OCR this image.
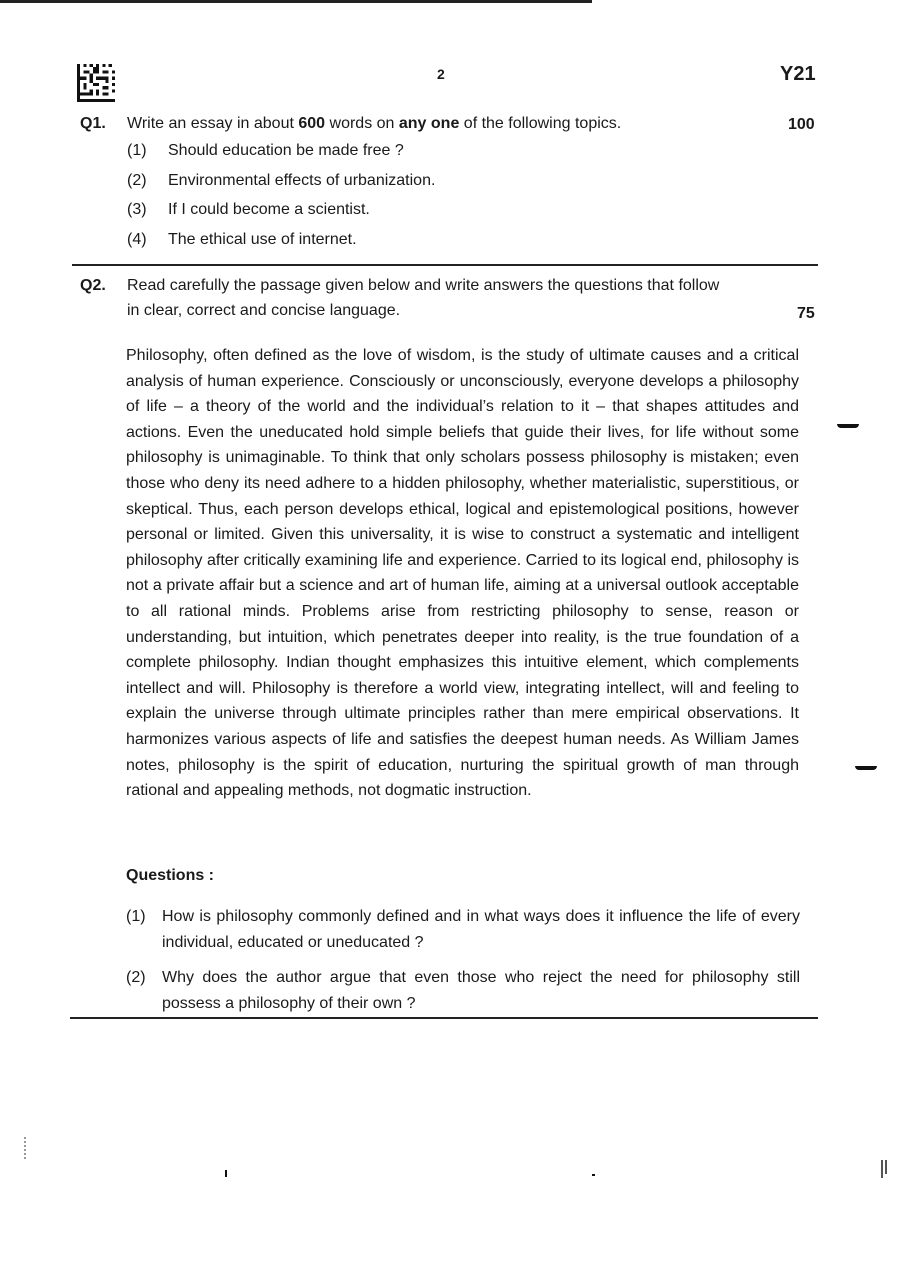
2	Y21
Q1. Write an essay in about 600 words on any one of the following topics.	100
(1) Should education be made free ?
(2) Environmental effects of urbanization.
(3) If I could become a scientist.
(4) The ethical use of internet.
Q2. Read carefully the passage given below and write answers the questions that follow
in clear, correct and concise language.	75
Philosophy, often defined as the love of wisdom, is the study of ultimate causes and a critical analysis of human experience. Consciously or unconsciously, everyone develops a philosophy of life – a theory of the world and the individual’s relation to it – that shapes attitudes and actions. Even the uneducated hold simple beliefs that guide their lives, for life without some philosophy is unimaginable. To think that only scholars possess philosophy is mistaken; even those who deny its need adhere to a hidden philosophy, whether materialistic, superstitious, or skeptical. Thus, each person develops ethical, logical and epistemological positions, however personal or limited. Given this universality, it is wise to construct a systematic and intelligent philosophy after critically examining life and experience. Carried to its logical end, philosophy is not a private affair but a science and art of human life, aiming at a universal outlook acceptable to all rational minds. Problems arise from restricting philosophy to sense, reason or understanding, but intuition, which penetrates deeper into reality, is the true foundation of a complete philosophy. Indian thought emphasizes this intuitive element, which complements intellect and will. Philosophy is therefore a world view, integrating intellect, will and feeling to explain the universe through ultimate principles rather than mere empirical observations. It harmonizes various aspects of life and satisfies the deepest human needs. As William James notes, philosophy is the spirit of education, nurturing the spiritual growth of man through rational and appealing methods, not dogmatic instruction.
Questions :
(1) How is philosophy commonly defined and in what ways does it influence the life of every individual, educated or uneducated ?
(2) Why does the author argue that even those who reject the need for philosophy still possess a philosophy of their own ?
